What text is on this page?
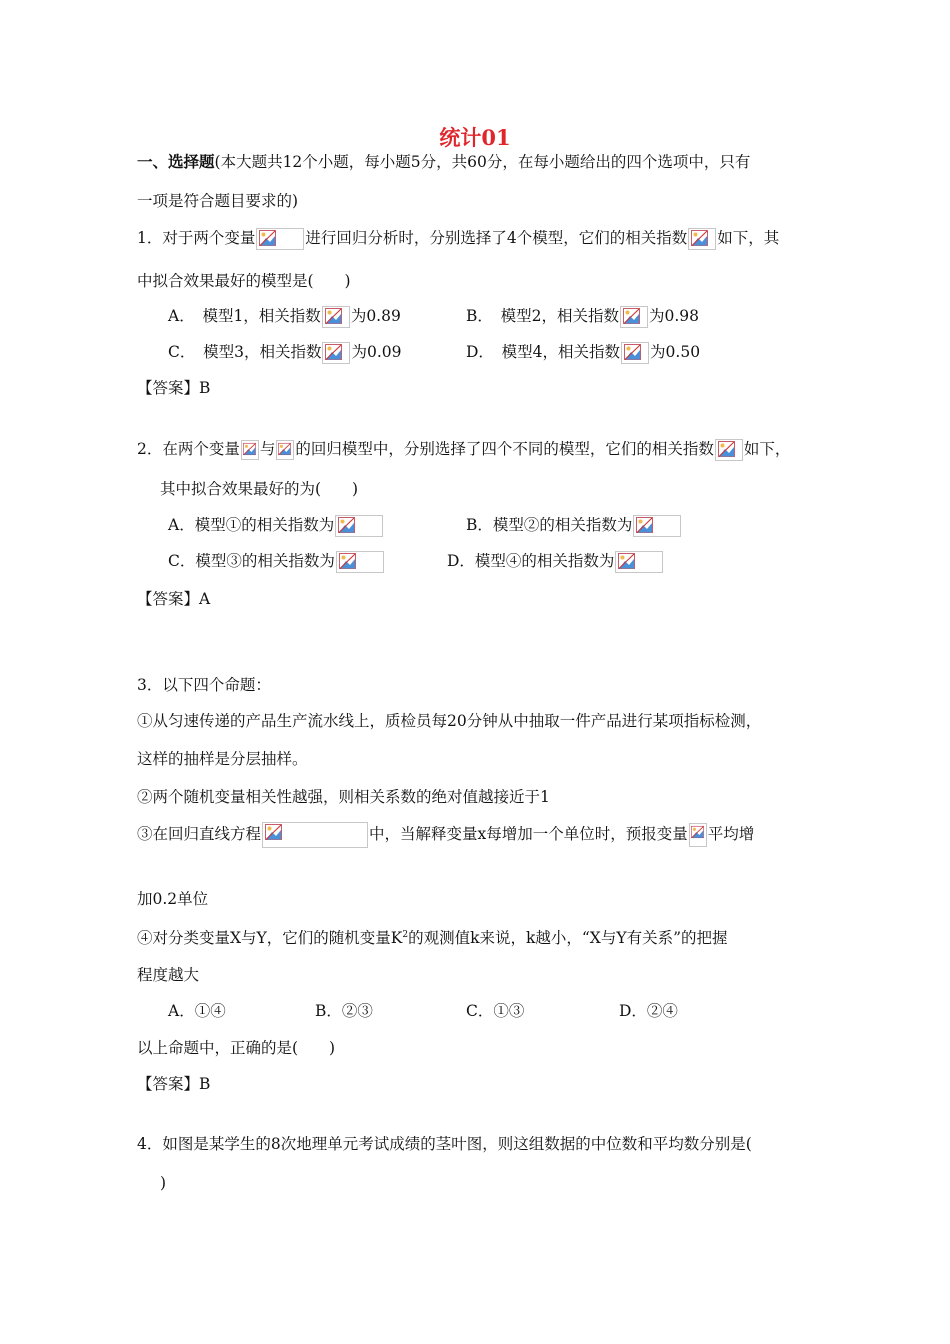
统计01
一、选择题(本大题共12个小题，每小题5分，共60分，在每小题给出的四个选项中，只有
一项是符合题目要求的)
1．对于两个变量	进行回归分析时，分别选择了4个模型，它们的相关指数 如下，其
中拟合效果最好的模型是(　　)
A．　模型1，相关指数 为0.89	B．　模型2，相关指数 为0.98
C．　模型3，相关指数 为0.09	D．　模型4，相关指数 为0.50
【答案】B
2．在两个变量 与 的回归模型中，分别选择了四个不同的模型，它们的相关指数 如下，
其中拟合效果最好的为(　　)
A．模型①的相关指数为	B．模型②的相关指数为
C．模型③的相关指数为	D．模型④的相关指数为
【答案】A
3．以下四个命题：
①从匀速传递的产品生产流水线上，质检员每20分钟从中抽取一件产品进行某项指标检测，
这样的抽样是分层抽样。
②两个随机变量相关性越强，则相关系数的绝对值越接近于1
③在回归直线方程	中，当解释变量x每增加一个单位时，预报变量 平均增
加0.2单位
④对分类变量X与Y，它们的随机变量$K^2$的观测值k来说，k越小，“X与Y有关系”的把握
程度越大
A．①④	B．②③	C．①③	D．②④
以上命题中，正确的是(　　)
【答案】B
4．如图是某学生的8次地理单元考试成绩的茎叶图，则这组数据的中位数和平均数分别是(
)
